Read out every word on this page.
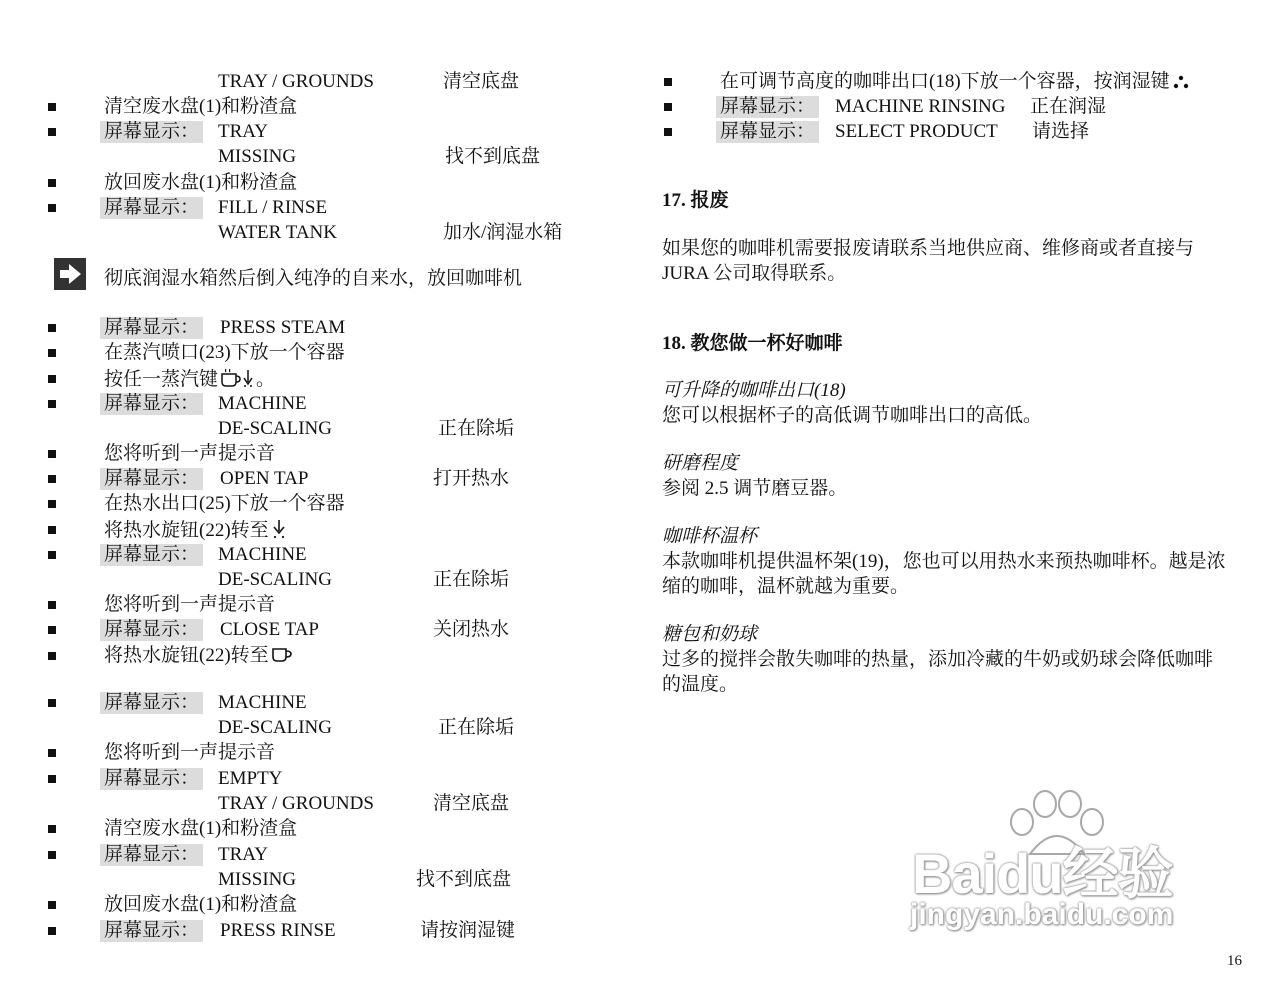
TRAY / GROUNDS	清空底盘
清空废水盘(1)和粉渣盒
屏幕显示： TRAY
MISSING	找不到底盘
放回废水盘(1)和粉渣盒
屏幕显示： FILL / RINSE
WATER TANK	加水/润湿水箱
彻底润湿水箱然后倒入纯净的自来水，放回咖啡机
屏幕显示： PRESS STEAM
在蒸汽喷口(23)下放一个容器
按任一蒸汽键 。
屏幕显示： MACHINE
DE-SCALING	正在除垢
您将听到一声提示音
屏幕显示： OPEN TAP	打开热水
在热水出口(25)下放一个容器
将热水旋钮(22)转至
屏幕显示： MACHINE
DE-SCALING	正在除垢
您将听到一声提示音
屏幕显示： CLOSE TAP	关闭热水
将热水旋钮(22)转至
屏幕显示： MACHINE
DE-SCALING	正在除垢
您将听到一声提示音
屏幕显示： EMPTY
TRAY / GROUNDS	清空底盘
清空废水盘(1)和粉渣盒
屏幕显示： TRAY
MISSING	找不到底盘
放回废水盘(1)和粉渣盒
屏幕显示： PRESS RINSE	请按润湿键
在可调节高度的咖啡出口(18)下放一个容器，按润湿键
屏幕显示： MACHINE RINSING 正在润湿
屏幕显示： SELECT PRODUCT 请选择
17. 报废
如果您的咖啡机需要报废请联系当地供应商、维修商或者直接与
JURA 公司取得联系。
18. 教您做一杯好咖啡
可升降的咖啡出口(18)
您可以根据杯子的高低调节咖啡出口的高低。
研磨程度
参阅 2.5 调节磨豆器。
咖啡杯温杯
本款咖啡机提供温杯架(19)，您也可以用热水来预热咖啡杯。越是浓
缩的咖啡，温杯就越为重要。
糖包和奶球
过多的搅拌会散失咖啡的热量，添加冷藏的牛奶或奶球会降低咖啡
的温度。
Baidu经验
jingyan.baidu.com
16
